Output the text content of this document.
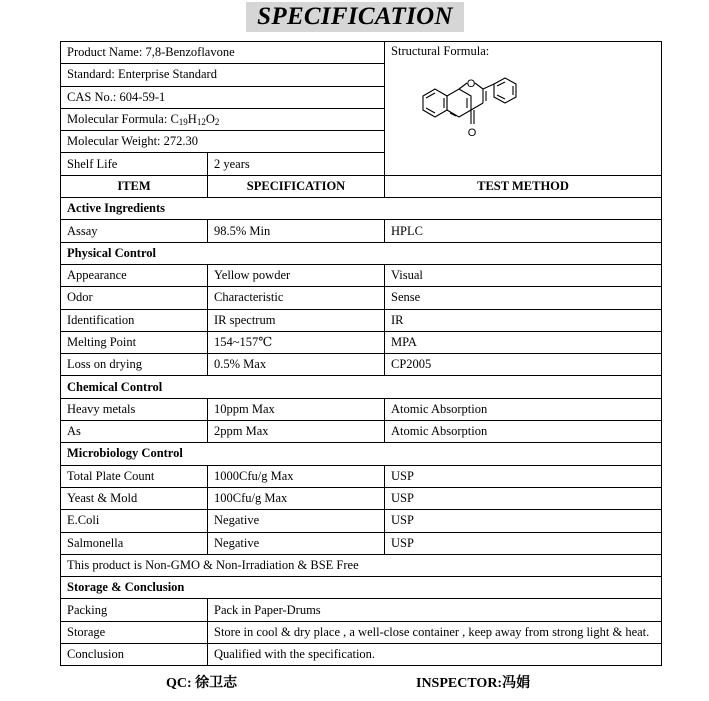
SPECIFICATION
Product Name: 7,8-Benzoflavone		Structural Formula:
O
O

Standard: Enterprise Standard		
CAS No.: 604-59-1		
Molecular Formula: $C_{19}H_{12}O_2$
Molecular Weight: 272.30		
Shelf Life	2 years	
ITEM	SPECIFICATION	TEST METHOD
Active Ingredients		
Assay	98.5% Min	HPLC
Physical Control		
Appearance	Yellow powder	Visual
Odor	Characteristic	Sense
Identification	IR spectrum	IR
Melting Point	154~157℃	MPA
Loss on drying	0.5% Max	CP2005
Chemical Control		
Heavy metals	10ppm Max	Atomic Absorption
As	2ppm Max	Atomic Absorption
Microbiology Control		
Total Plate Count	1000Cfu/g Max	USP
Yeast & Mold	100Cfu/g Max	USP
E.Coli	Negative	USP
Salmonella	Negative	USP
This product is Non-GMO & Non-Irradiation & BSE Free		
Storage & Conclusion		
Packing	Pack in Paper-Drums	
Storage	Store in cool & dry place , a well-close container , keep away from strong light & heat.	
Conclusion	Qualified with the specification.	
QC: 徐卫志	INSPECTOR:冯娟
